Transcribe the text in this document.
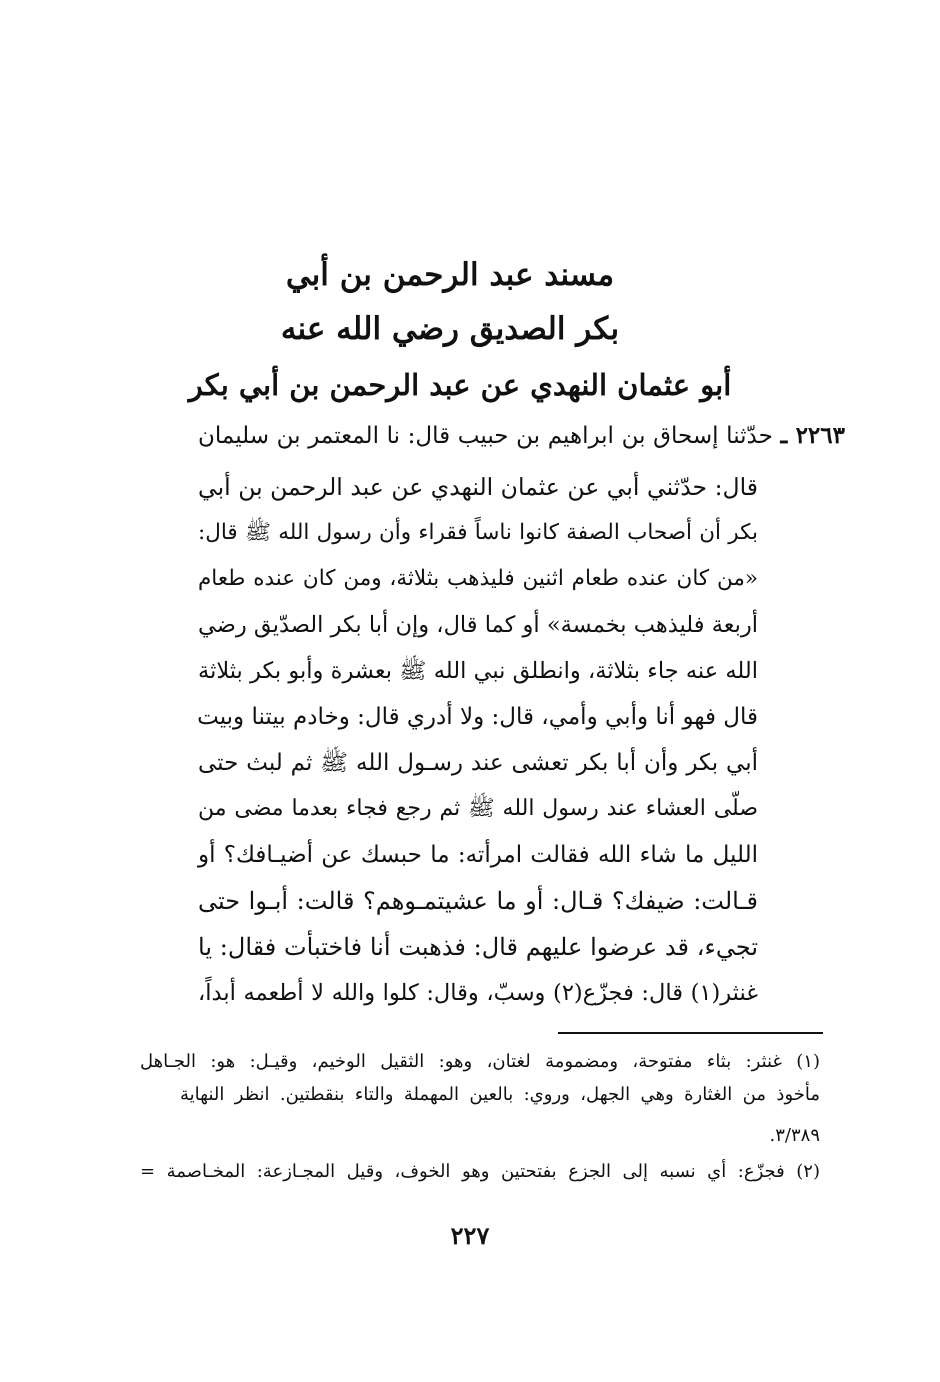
مسند عبد الرحمن بن أبي
بكر الصديق رضي الله عنه
أبو عثمان النهدي عن عبد الرحمن بن أبي بكر
٢٢٦٣ ـ حدّثنا إسحاق بن ابراهيم بن حبيب قال: نا المعتمر بن سليمان
قال: حدّثني أبي عن عثمان النهدي عن عبد الرحمن بن أبي
بكر أن أصحاب الصفة كانوا ناساً فقراء وأن رسول الله ﷺ قال:
«من كان عنده طعام اثنين فليذهب بثلاثة، ومن كان عنده طعام
أربعة فليذهب بخمسة» أو كما قال، وإن أبا بكر الصدّيق رضي
الله عنه جاء بثلاثة، وانطلق نبي الله ﷺ بعشرة وأبو بكر بثلاثة
قال فهو أنا وأبي وأمي، قال: ولا أدري قال: وخادم بيتنا وبيت
أبي بكر وأن أبا بكر تعشى عند رسـول الله ﷺ ثم لبث حتى
صلّى العشاء عند رسول الله ﷺ ثم رجع فجاء بعدما مضى من
الليل ما شاء الله فقالت امرأته: ما حبسك عن أضيـافك؟ أو
قـالت: ضيفك؟ قـال: أو ما عشيتمـوهم؟ قالت: أبـوا حتى
تجيء، قد عرضوا عليهم قال: فذهبت أنا فاختبأت فقال: يا
غنثر(١) قال: فجزّع(٢) وسبّ، وقال: كلوا والله لا أطعمه أبداً،
(١) غنثر: بثاء مفتوحة، ومضمومة لغتان، وهو: الثقيل الوخيم، وقيـل: هو: الجـاهل
مأخوذ من الغثارة وهي الجهل، وروي: بالعين المهملة والتاء بنقطتين. انظر النهاية
٣/٣٨٩.
(٢) فجزّع: أي نسبه إلى الجزع بفتحتين وهو الخوف، وقيل المجـازعة: المخـاصمة =
٢٢٧
